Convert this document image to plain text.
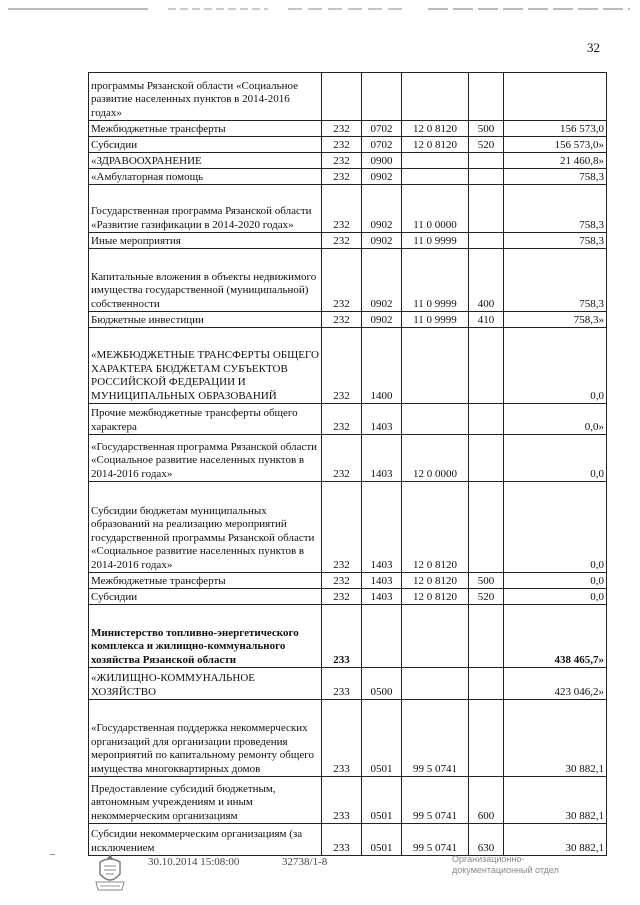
32
программы Рязанской области «Социальное развитие населенных пунктов в 2014-2016 годах»					
Межбюджетные трансферты	232	0702	12 0 8120	500	156 573,0
Субсидии	232	0702	12 0 8120	520	156 573,0»
«ЗДРАВООХРАНЕНИЕ	232	0900			21 460,8»
«Амбулаторная помощь	232	0902			758,3
Государственная программа Рязанской области «Развитие газификации в 2014-2020 годах»	232	0902	11 0 0000		758,3
Иные мероприятия	232	0902	11 0 9999		758,3
Капитальные вложения в объекты недвижимого имущества государственной (муниципальной) собственности	232	0902	11 0 9999	400	758,3
Бюджетные инвестиции	232	0902	11 0 9999	410	758,3»
«МЕЖБЮДЖЕТНЫЕ ТРАНСФЕРТЫ ОБЩЕГО ХАРАКТЕРА БЮДЖЕТАМ СУБЪЕКТОВ РОССИЙСКОЙ ФЕДЕРАЦИИ И МУНИЦИПАЛЬНЫХ ОБРАЗОВАНИЙ	232	1400			0,0
Прочие межбюджетные трансферты общего характера	232	1403			0,0»
«Государственная программа Рязанской области «Социальное развитие населенных пунктов в 2014-2016 годах»	232	1403	12 0 0000		0,0
Субсидии бюджетам муниципальных образований на реализацию мероприятий государственной программы Рязанской области «Социальное развитие населенных пунктов в 2014-2016 годах»	232	1403	12 0 8120		0,0
Межбюджетные трансферты	232	1403	12 0 8120	500	0,0
Субсидии	232	1403	12 0 8120	520	0,0
Министерство топливно-энергетического комплекса и жилищно-коммунального хозяйства Рязанской области	233				438 465,7»
«ЖИЛИЩНО-КОММУНАЛЬНОЕ ХОЗЯЙСТВО	233	0500			423 046,2»
«Государственная поддержка некоммерческих организаций для организации проведения мероприятий по капитальному ремонту общего имущества многоквартирных домов	233	0501	99 5 0741		30 882,1
Предоставление субсидий бюджетным, автономным учреждениям и иным некоммерческим организациям	233	0501	99 5 0741	600	30 882,1
Субсидии некоммерческим организациям (за исключением	233	0501	99 5 0741	630	30 882,1
–
30.10.2014 15:08:00	32738/1-8	Организационно-
документационный отдел
